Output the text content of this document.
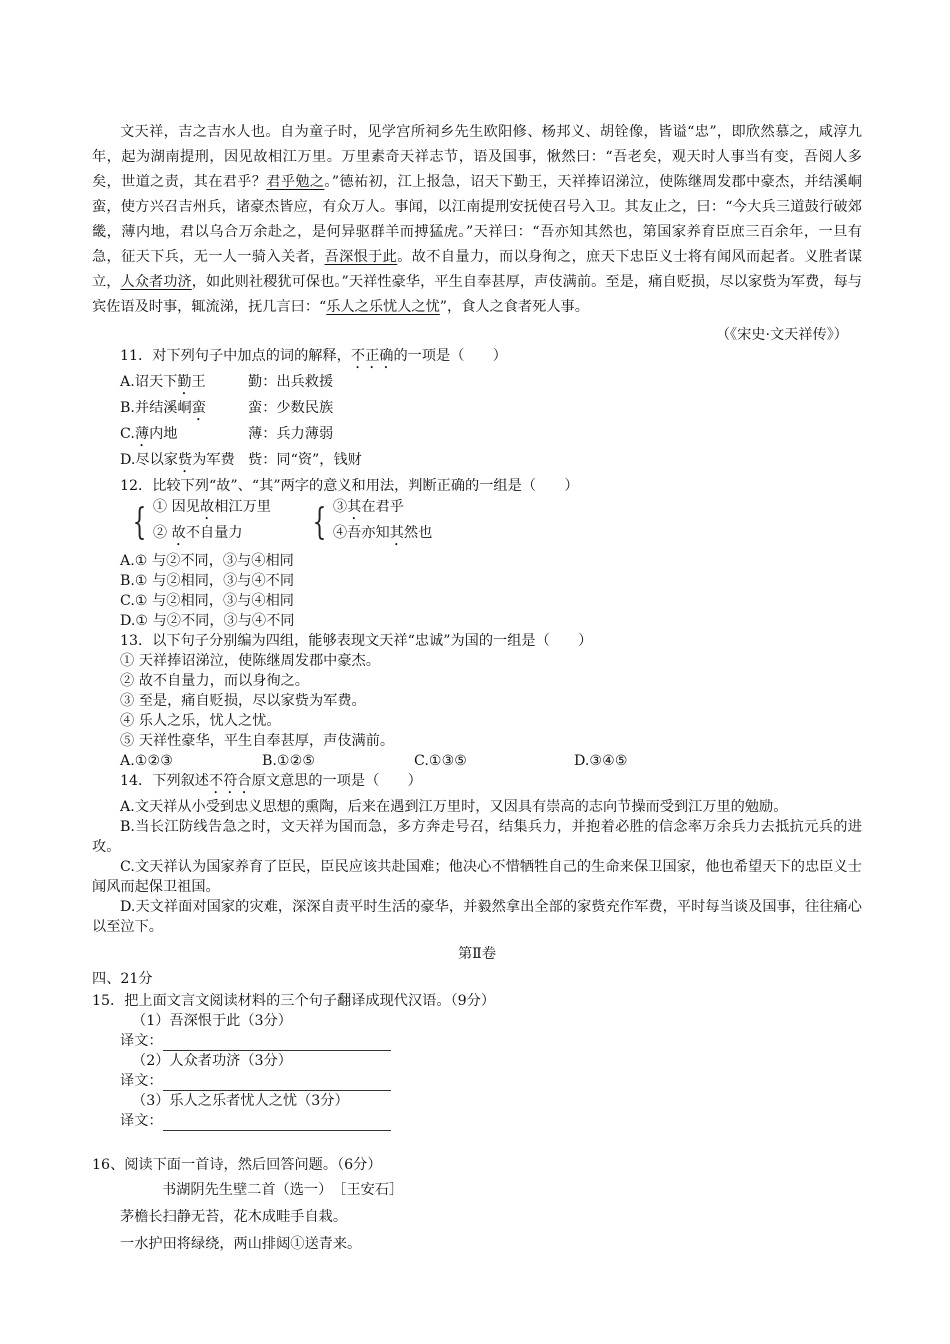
文天祥，吉之吉水人也。自为童子时，见学宫所祠乡先生欧阳修、杨邦义、胡铨像，皆谥“忠”，即欣然慕之，咸淳九年，起为湖南提刑，因见故相江万里。万里素奇天祥志节，语及国事，愀然曰：“吾老矣，观天时人事当有变，吾阅人多矣，世道之责，其在君乎？君乎勉之。”德祐初，江上报急，诏天下勤王，天祥捧诏涕泣，使陈继周发郡中豪杰，并结溪峒蛮，使方兴召吉州兵，诸豪杰皆应，有众万人。事闻，以江南提刑安抚使召号入卫。其友止之，曰：“今大兵三道鼓行破郊畿，薄内地，君以乌合万余赴之，是何异驱群羊而搏猛虎。”天祥曰：“吾亦知其然也，第国家养育臣庶三百余年，一旦有急，征天下兵，无一人一骑入关者，吾深恨于此。故不自量力，而以身徇之，庶天下忠臣义士将有闻风而起者。义胜者谋立，人众者功济，如此则社稷犹可保也。”天祥性豪华，平生自奉甚厚，声伎满前。至是，痛自贬损，尽以家赀为军费，每与宾佐语及时事，辄流涕，抚几言曰：“乐人之乐忧人之忧”，食人之食者死人事。

（《宋史·文天祥传》）

11．对下列句子中加点的词的解释，不正确的一项是（　　）

A.诏天下勤王	勤：出兵救援
B.并结溪峒蛮	蛮：少数民族
C.薄内地	薄：兵力薄弱
D.尽以家赀为军费 赀：同“资”，钱财

12．比较下列“故”、“其”两字的意义和用法，判断正确的一组是（　　）

{ ① 因见故相江万里
② 故不自量力	{ ③其在君乎
④吾亦知其然也

A.① 与②不同，③与④相同

B.① 与②相同，③与④不同

C.① 与②相同，③与④相同

D.① 与②不同，③与④不同

13．以下句子分别编为四组，能够表现文天祥“忠诚”为国的一组是（　　）

① 天祥捧诏涕泣，使陈继周发郡中豪杰。

② 故不自量力，而以身徇之。

③ 至是，痛自贬损，尽以家赀为军费。

④ 乐人之乐，忧人之忧。

⑤ 天祥性豪华，平生自奉甚厚，声伎满前。

A.①②③	B.①②⑤	C.①③⑤	D.③④⑤

14．下列叙述不符合原文意思的一项是（　　）

A.文天祥从小受到忠义思想的熏陶，后来在遇到江万里时，又因具有崇高的志向节操而受到江万里的勉励。

B.当长江防线告急之时，文天祥为国而急，多方奔走号召，结集兵力，并抱着必胜的信念率万余兵力去抵抗元兵的进攻。

C.文天祥认为国家养育了臣民，臣民应该共赴国难；他决心不惜牺牲自己的生命来保卫国家，他也希望天下的忠臣义士闻风而起保卫祖国。

D.天文祥面对国家的灾难，深深自责平时生活的豪华，并毅然拿出全部的家赀充作军费，平时每当谈及国事，往往痛心以至泣下。

第Ⅱ卷

四、21分

15．把上面文言文阅读材料的三个句子翻译成现代汉语。（9分）

（1）吾深恨于此（3分）

译文：

（2）人众者功济（3分）

译文：

（3）乐人之乐者忧人之忧（3分）

译文：

16、阅读下面一首诗，然后回答问题。（6分）

书湖阴先生壁二首（选一）　［王安石］

茅檐长扫静无苔，花木成畦手自栽。

一水护田将绿绕，两山排闼①送青来。
